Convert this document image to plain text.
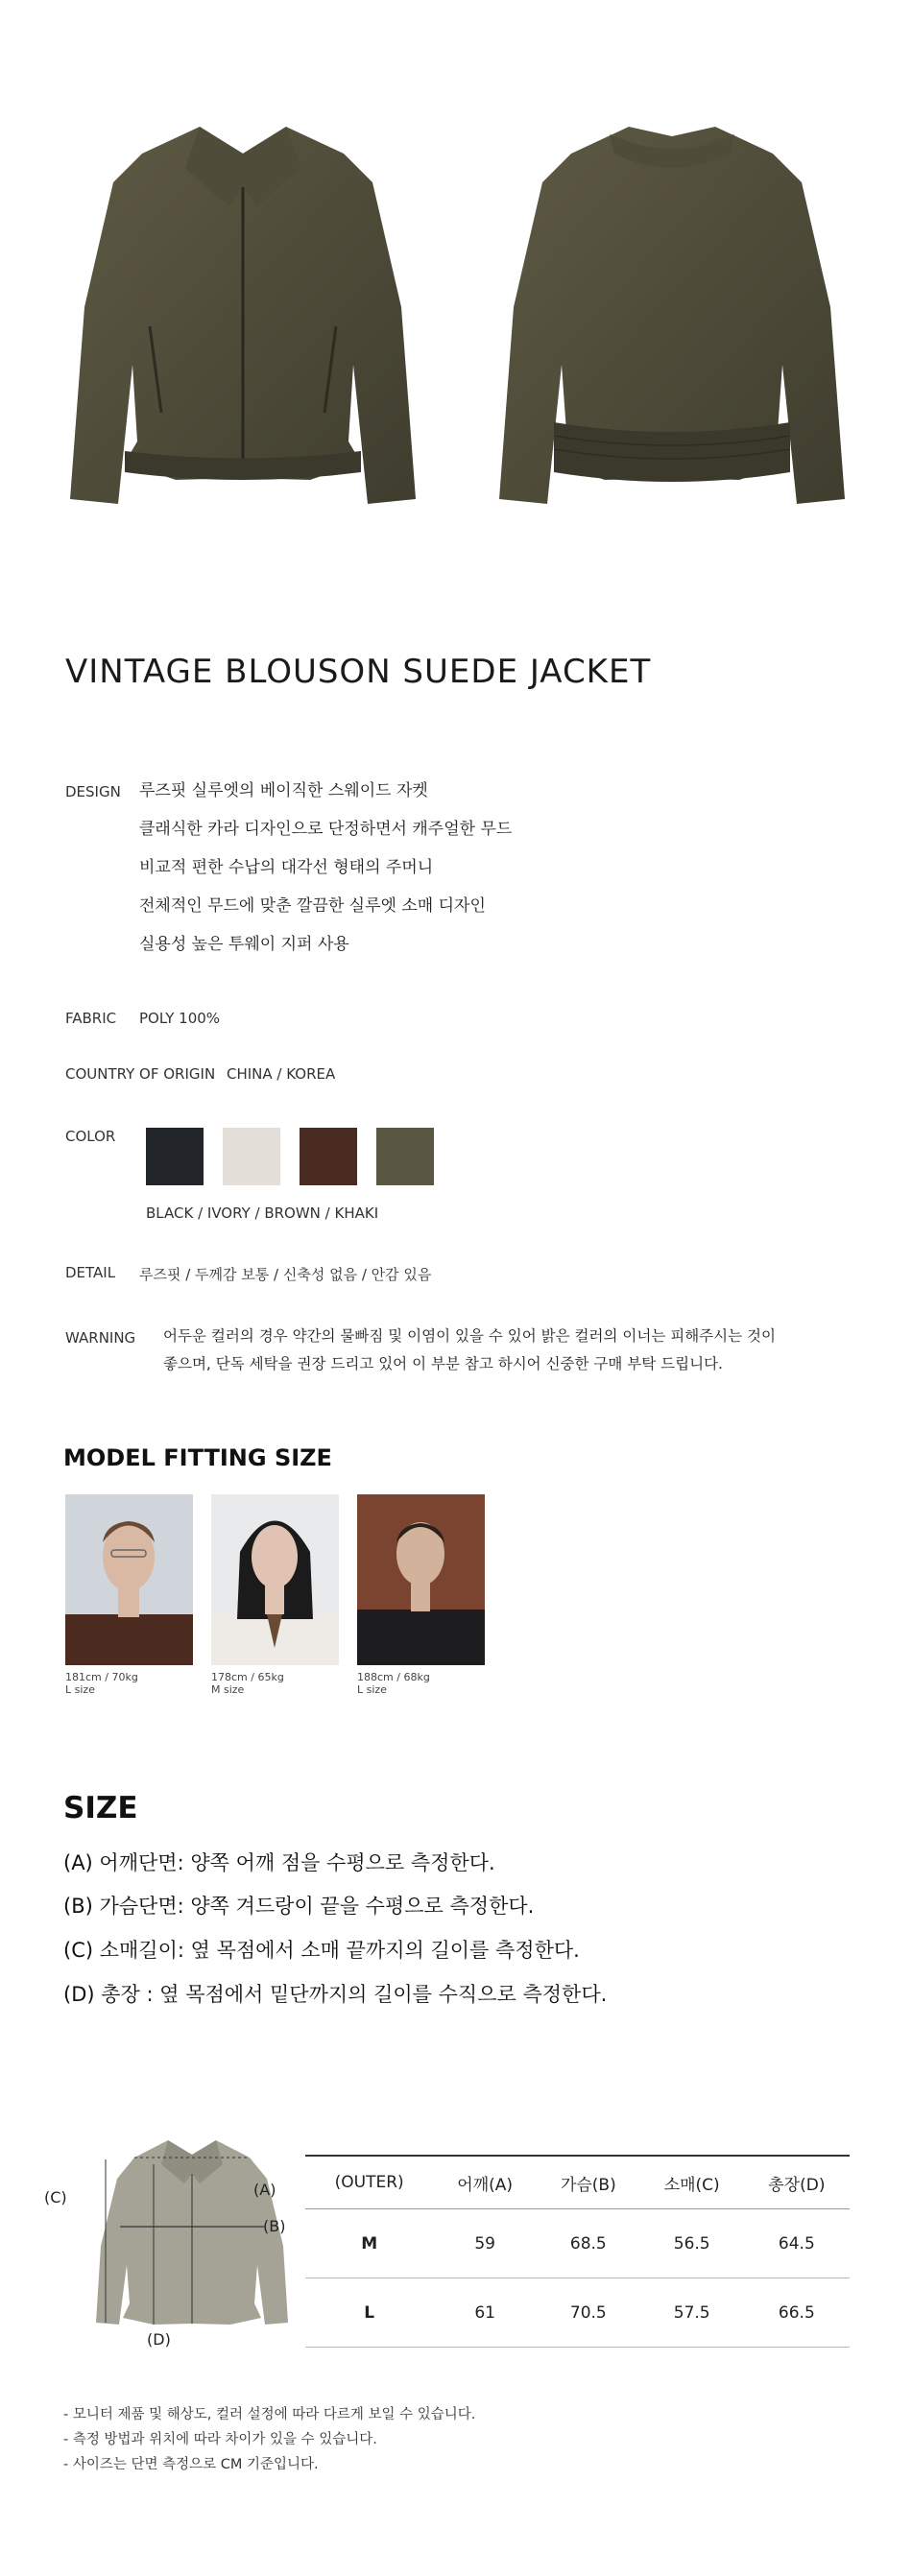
VINTAGE BLOUSON SUEDE JACKET
DESIGN 루즈핏 실루엣의 베이직한 스웨이드 자켓
클래식한 카라 디자인으로 단정하면서 캐주얼한 무드
비교적 편한 수납의 대각선 형태의 주머니
전체적인 무드에 맞춘 깔끔한 실루엣 소매 디자인
실용성 높은 투웨이 지퍼 사용
FABRIC POLY 100%
COUNTRY OF ORIGIN CHINA / KOREA
COLOR
BLACK / IVORY / BROWN / KHAKI
DETAIL 루즈핏 / 두께감 보통 / 신축성 없음 / 안감 있음
WARNING 어두운 컬러의 경우 약간의 물빠짐 및 이염이 있을 수 있어 밝은 컬러의 이너는 피해주시는 것이
좋으며, 단독 세탁을 권장 드리고 있어 이 부분 참고 하시어 신중한 구매 부탁 드립니다.
MODEL FITTING SIZE
181cm / 70kg
L size
178cm / 65kg
M size
188cm / 68kg
L size
SIZE
(A) 어깨단면: 양쪽 어깨 점을 수평으로 측정한다.
(B) 가슴단면: 양쪽 겨드랑이 끝을 수평으로 측정한다.
(C) 소매길이: 옆 목점에서 소매 끝까지의 길이를 측정한다.
(D) 총장 : 옆 목점에서 밑단까지의 길이를 수직으로 측정한다.
(A)
(B)
(C)
(D)
(OUTER)	어깨(A)	가슴(B)	소매(C)	총장(D)
M	59	68.5	56.5	64.5
L	61	70.5	57.5	66.5
- 모니터 제품 및 해상도, 컬러 설정에 따라 다르게 보일 수 있습니다.
- 측정 방법과 위치에 따라 차이가 있을 수 있습니다.
- 사이즈는 단면 측정으로 CM 기준입니다.
